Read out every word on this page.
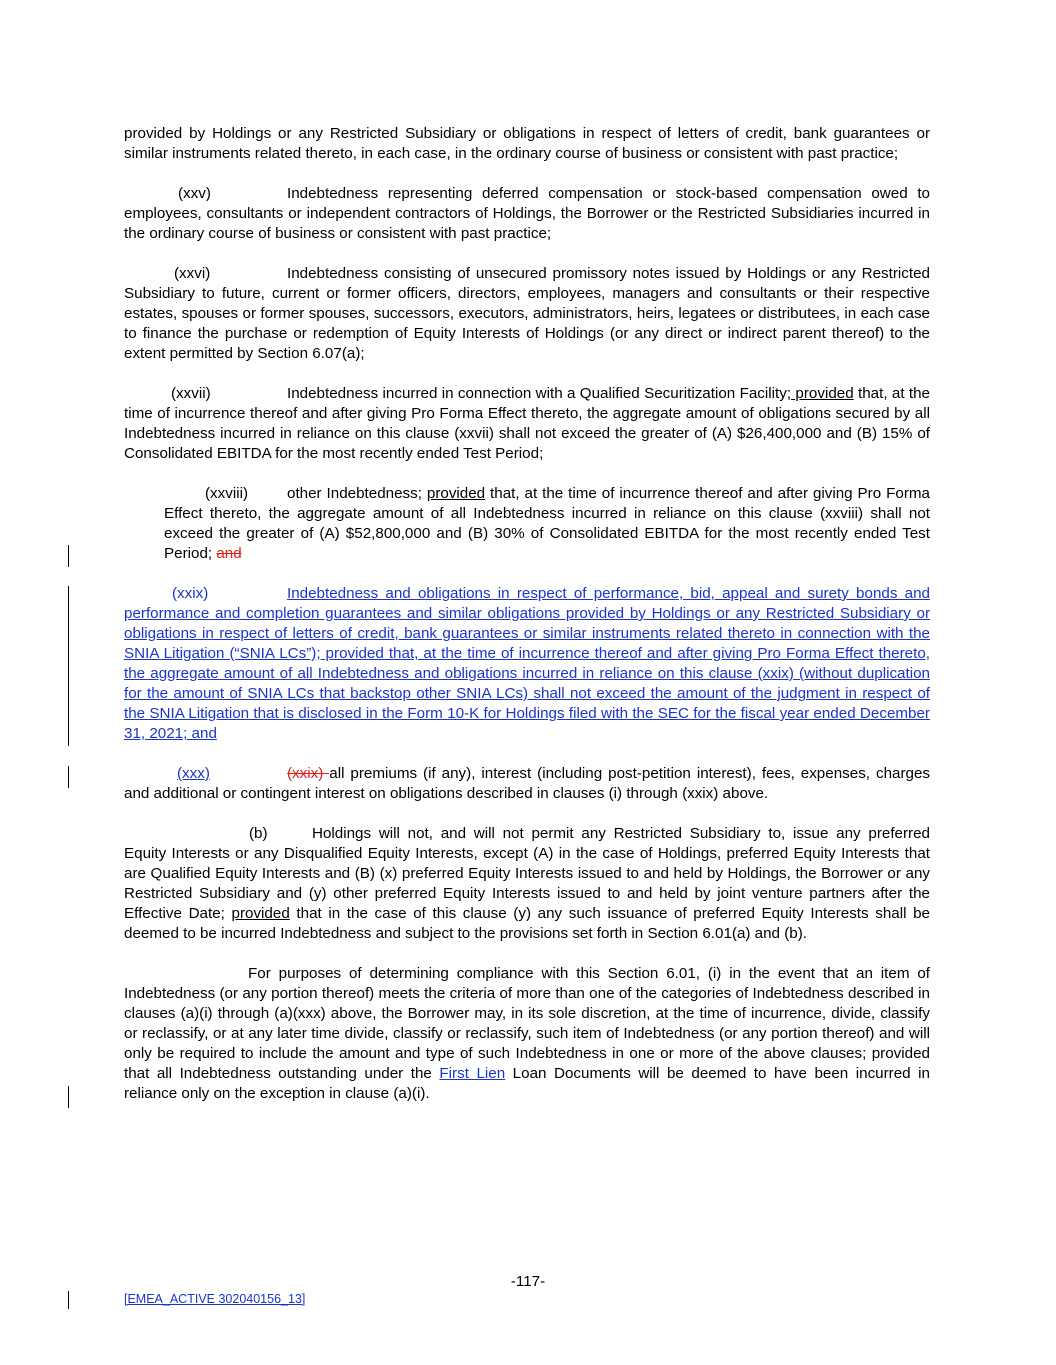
provided by Holdings or any Restricted Subsidiary or obligations in respect of letters of credit, bank guarantees or similar instruments related thereto, in each case, in the ordinary course of business or consistent with past practice;

(xxv)	Indebtedness representing deferred compensation or stock-based compensation owed to employees, consultants or independent contractors of Holdings, the Borrower or the Restricted Subsidiaries incurred in the ordinary course of business or consistent with past practice;

(xxvi)	Indebtedness consisting of unsecured promissory notes issued by Holdings or any Restricted Subsidiary to future, current or former officers, directors, employees, managers and consultants or their respective estates, spouses or former spouses, successors, executors, administrators, heirs, legatees or distributees, in each case to finance the purchase or redemption of Equity Interests of Holdings (or any direct or indirect parent thereof) to the extent permitted by Section 6.07(a);

(xxvii)	Indebtedness incurred in connection with a Qualified Securitization Facility; provided that, at the time of incurrence thereof and after giving Pro Forma Effect thereto, the aggregate amount of obligations secured by all Indebtedness incurred in reliance on this clause (xxvii) shall not exceed the greater of (A) $26,400,000 and (B) 15% of Consolidated EBITDA for the most recently ended Test Period;

(xxviii)	other Indebtedness; provided that, at the time of incurrence thereof and after giving Pro Forma Effect thereto, the aggregate amount of all Indebtedness incurred in reliance on this clause (xxviii) shall not exceed the greater of (A) $52,800,000 and (B) 30% of Consolidated EBITDA for the most recently ended Test Period; and

(xxix)	Indebtedness and obligations in respect of performance, bid, appeal and surety bonds and performance and completion guarantees and similar obligations provided by Holdings or any Restricted Subsidiary or obligations in respect of letters of credit, bank guarantees or similar instruments related thereto in connection with the SNIA Litigation (“SNIA LCs”); provided that, at the time of incurrence thereof and after giving Pro Forma Effect thereto, the aggregate amount of all Indebtedness and obligations incurred in reliance on this clause (xxix) (without duplication for the amount of SNIA LCs that backstop other SNIA LCs) shall not exceed the amount of the judgment in respect of the SNIA Litigation that is disclosed in the Form 10-K for Holdings filed with the SEC for the fiscal year ended December 31, 2021; and

(xxx)	(xxix) all premiums (if any), interest (including post-petition interest), fees, expenses, charges and additional or contingent interest on obligations described in clauses (i) through (xxix) above.

(b)	Holdings will not, and will not permit any Restricted Subsidiary to, issue any preferred Equity Interests or any Disqualified Equity Interests, except (A) in the case of Holdings, preferred Equity Interests that are Qualified Equity Interests and (B) (x) preferred Equity Interests issued to and held by Holdings, the Borrower or any Restricted Subsidiary and (y) other preferred Equity Interests issued to and held by joint venture partners after the Effective Date; provided that in the case of this clause (y) any such issuance of preferred Equity Interests shall be deemed to be incurred Indebtedness and subject to the provisions set forth in Section 6.01(a) and (b).

For purposes of determining compliance with this Section 6.01, (i) in the event that an item of Indebtedness (or any portion thereof) meets the criteria of more than one of the categories of Indebtedness described in clauses (a)(i) through (a)(xxx) above, the Borrower may, in its sole discretion, at the time of incurrence, divide, classify or reclassify, or at any later time divide, classify or reclassify, such item of Indebtedness (or any portion thereof) and will only be required to include the amount and type of such Indebtedness in one or more of the above clauses; provided that all Indebtedness outstanding under the First Lien Loan Documents will be deemed to have been incurred in reliance only on the exception in clause (a)(i).

-117-
[EMEA_ACTIVE 302040156_13]
